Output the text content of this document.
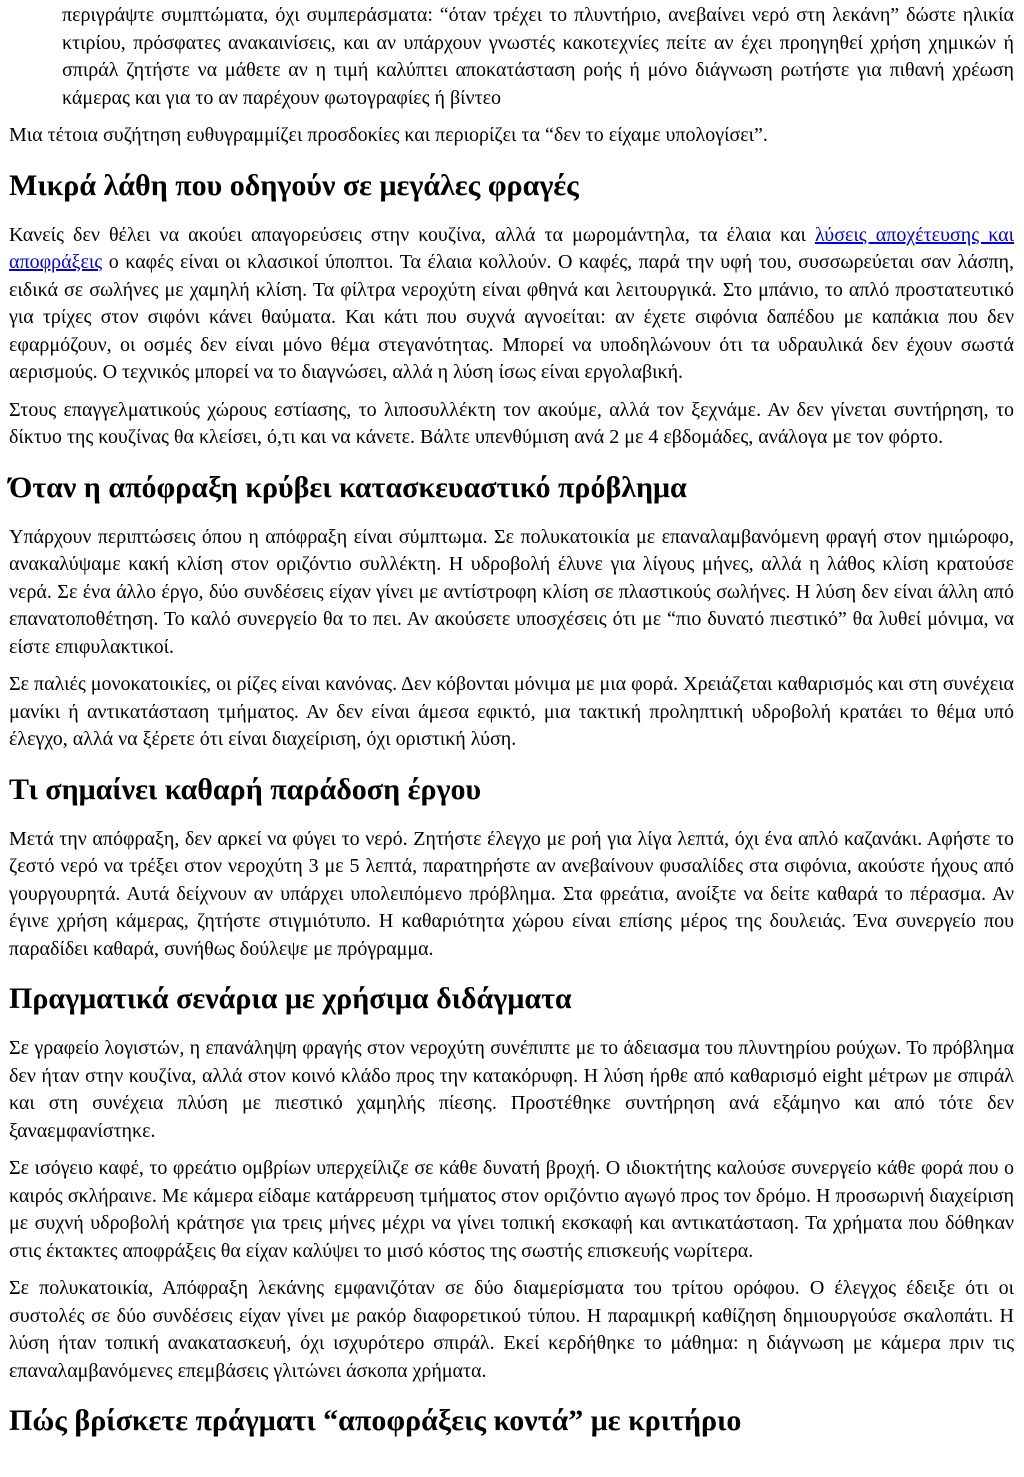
περιγράψτε συμπτώματα, όχι συμπεράσματα: “όταν τρέχει το πλυντήριο, ανεβαίνει νερό στη λεκάνη” δώστε ηλικία κτιρίου, πρόσφατες ανακαινίσεις, και αν υπάρχουν γνωστές κακοτεχνίες πείτε αν έχει προηγηθεί χρήση χημικών ή σπιράλ ζητήστε να μάθετε αν η τιμή καλύπτει αποκατάσταση ροής ή μόνο διάγνωση ρωτήστε για πιθανή χρέωση κάμερας και για το αν παρέχουν φωτογραφίες ή βίντεο

Μια τέτοια συζήτηση ευθυγραμμίζει προσδοκίες και περιορίζει τα “δεν το είχαμε υπολογίσει”.

Μικρά λάθη που οδηγούν σε μεγάλες φραγές

Κανείς δεν θέλει να ακούει απαγορεύσεις στην κουζίνα, αλλά τα μωρομάντηλα, τα έλαια και λύσεις αποχέτευσης και αποφράξεις ο καφές είναι οι κλασικοί ύποπτοι. Τα έλαια κολλούν. Ο καφές, παρά την υφή του, συσσωρεύεται σαν λάσπη, ειδικά σε σωλήνες με χαμηλή κλίση. Τα φίλτρα νεροχύτη είναι φθηνά και λειτουργικά. Στο μπάνιο, το απλό προστατευτικό για τρίχες στον σιφόνι κάνει θαύματα. Και κάτι που συχνά αγνοείται: αν έχετε σιφόνια δαπέδου με καπάκια που δεν εφαρμόζουν, οι οσμές δεν είναι μόνο θέμα στεγανότητας. Μπορεί να υποδηλώνουν ότι τα υδραυλικά δεν έχουν σωστά αερισμούς. Ο τεχνικός μπορεί να το διαγνώσει, αλλά η λύση ίσως είναι εργολαβική.

Στους επαγγελματικούς χώρους εστίασης, το λιποσυλλέκτη τον ακούμε, αλλά τον ξεχνάμε. Αν δεν γίνεται συντήρηση, το δίκτυο της κουζίνας θα κλείσει, ό,τι και να κάνετε. Βάλτε υπενθύμιση ανά 2 με 4 εβδομάδες, ανάλογα με τον φόρτο.

Όταν η απόφραξη κρύβει κατασκευαστικό πρόβλημα

Υπάρχουν περιπτώσεις όπου η απόφραξη είναι σύμπτωμα. Σε πολυκατοικία με επαναλαμβανόμενη φραγή στον ημιώροφο, ανακαλύψαμε κακή κλίση στον οριζόντιο συλλέκτη. Η υδροβολή έλυνε για λίγους μήνες, αλλά η λάθος κλίση κρατούσε νερά. Σε ένα άλλο έργο, δύο συνδέσεις είχαν γίνει με αντίστροφη κλίση σε πλαστικούς σωλήνες. Η λύση δεν είναι άλλη από επανατοποθέτηση. Το καλό συνεργείο θα το πει. Αν ακούσετε υποσχέσεις ότι με “πιο δυνατό πιεστικό” θα λυθεί μόνιμα, να είστε επιφυλακτικοί.

Σε παλιές μονοκατοικίες, οι ρίζες είναι κανόνας. Δεν κόβονται μόνιμα με μια φορά. Χρειάζεται καθαρισμός και στη συνέχεια μανίκι ή αντικατάσταση τμήματος. Αν δεν είναι άμεσα εφικτό, μια τακτική προληπτική υδροβολή κρατάει το θέμα υπό έλεγχο, αλλά να ξέρετε ότι είναι διαχείριση, όχι οριστική λύση.

Τι σημαίνει καθαρή παράδοση έργου

Μετά την απόφραξη, δεν αρκεί να φύγει το νερό. Ζητήστε έλεγχο με ροή για λίγα λεπτά, όχι ένα απλό καζανάκι. Αφήστε το ζεστό νερό να τρέξει στον νεροχύτη 3 με 5 λεπτά, παρατηρήστε αν ανεβαίνουν φυσαλίδες στα σιφόνια, ακούστε ήχους από γουργουρητά. Αυτά δείχνουν αν υπάρχει υπολειπόμενο πρόβλημα. Στα φρεάτια, ανοίξτε να δείτε καθαρά το πέρασμα. Αν έγινε χρήση κάμερας, ζητήστε στιγμιότυπο. Η καθαριότητα χώρου είναι επίσης μέρος της δουλειάς. Ένα συνεργείο που παραδίδει καθαρά, συνήθως δούλεψε με πρόγραμμα.

Πραγματικά σενάρια με χρήσιμα διδάγματα

Σε γραφείο λογιστών, η επανάληψη φραγής στον νεροχύτη συνέπιπτε με το άδειασμα του πλυντηρίου ρούχων. Το πρόβλημα δεν ήταν στην κουζίνα, αλλά στον κοινό κλάδο προς την κατακόρυφη. Η λύση ήρθε από καθαρισμό eight μέτρων με σπιράλ και στη συνέχεια πλύση με πιεστικό χαμηλής πίεσης. Προστέθηκε συντήρηση ανά εξάμηνο και από τότε δεν ξαναεμφανίστηκε.

Σε ισόγειο καφέ, το φρεάτιο ομβρίων υπερχείλιζε σε κάθε δυνατή βροχή. Ο ιδιοκτήτης καλούσε συνεργείο κάθε φορά που ο καιρός σκλήραινε. Με κάμερα είδαμε κατάρρευση τμήματος στον οριζόντιο αγωγό προς τον δρόμο. Η προσωρινή διαχείριση με συχνή υδροβολή κράτησε για τρεις μήνες μέχρι να γίνει τοπική εκσκαφή και αντικατάσταση. Τα χρήματα που δόθηκαν στις έκτακτες αποφράξεις θα είχαν καλύψει το μισό κόστος της σωστής επισκευής νωρίτερα.

Σε πολυκατοικία, Απόφραξη λεκάνης εμφανιζόταν σε δύο διαμερίσματα του τρίτου ορόφου. Ο έλεγχος έδειξε ότι οι συστολές σε δύο συνδέσεις είχαν γίνει με ρακόρ διαφορετικού τύπου. Η παραμικρή καθίζηση δημιουργούσε σκαλοπάτι. Η λύση ήταν τοπική ανακατασκευή, όχι ισχυρότερο σπιράλ. Εκεί κερδήθηκε το μάθημα: η διάγνωση με κάμερα πριν τις επαναλαμβανόμενες επεμβάσεις γλιτώνει άσκοπα χρήματα.

Πώς βρίσκετε πράγματι “αποφράξεις κοντά” με κριτήριο
